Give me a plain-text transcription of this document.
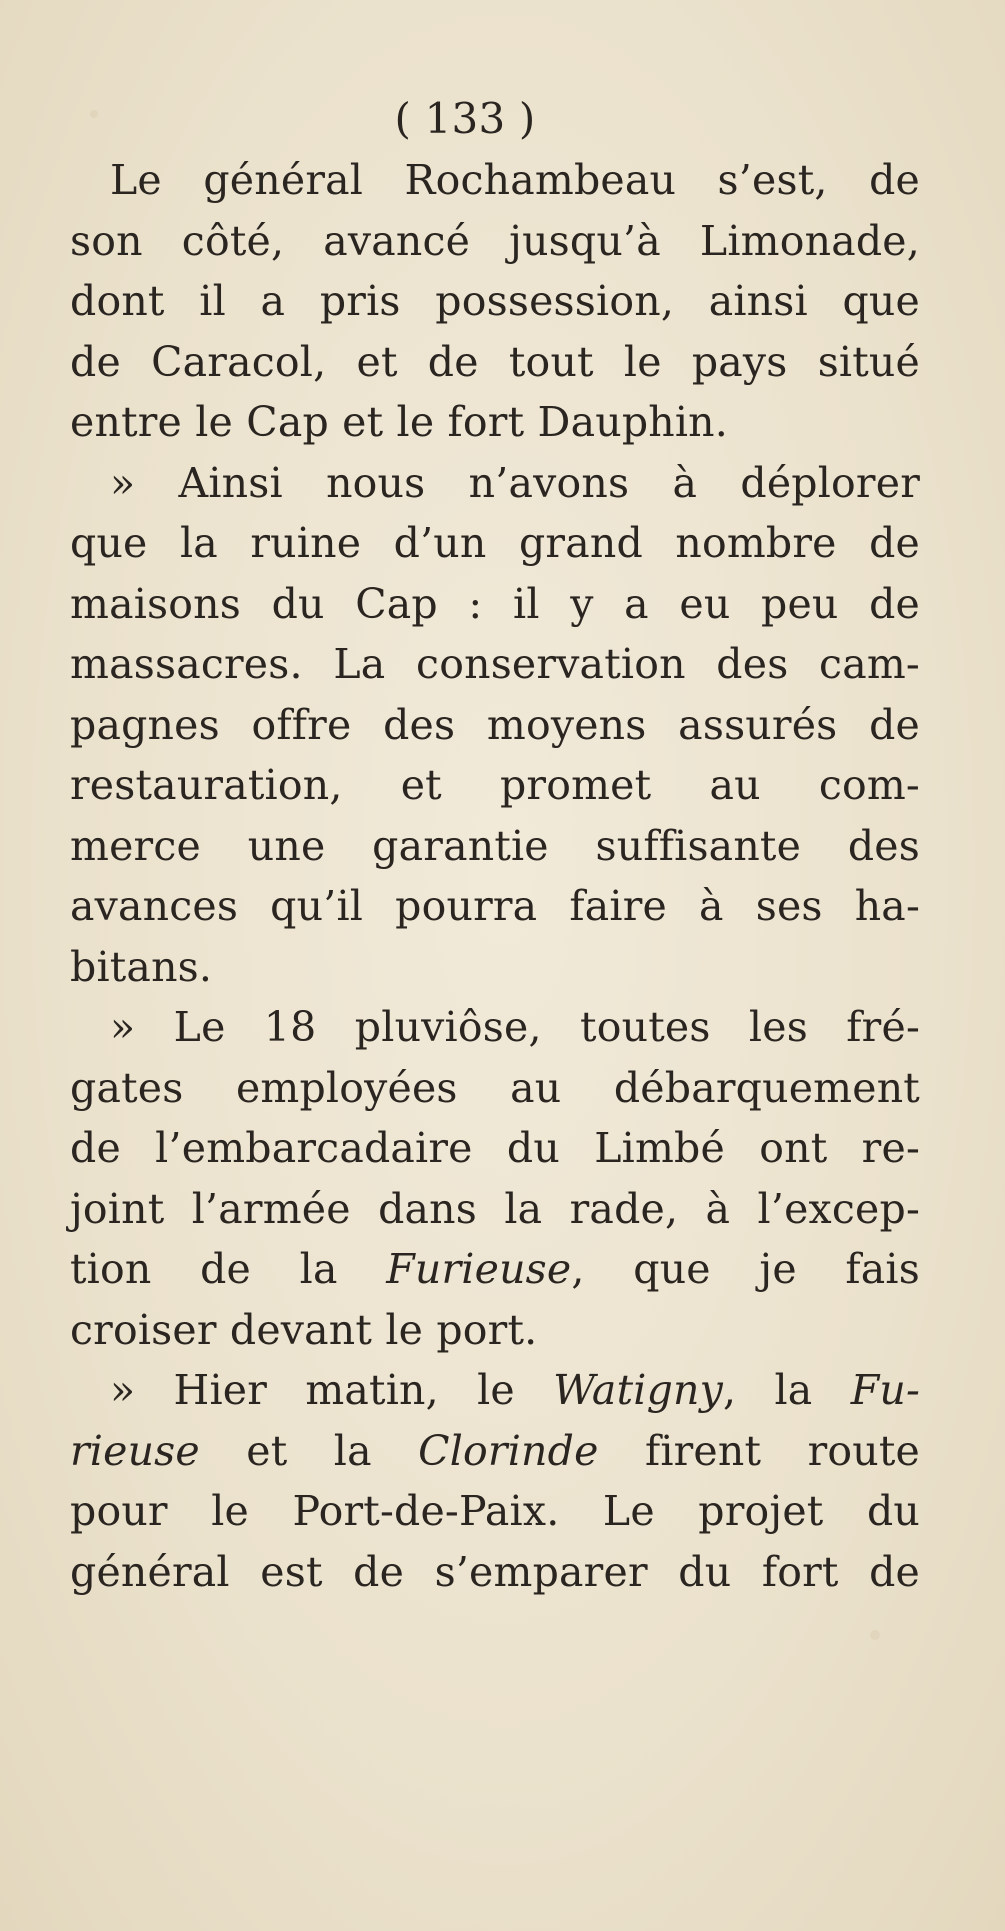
( 133 )

Le général Rochambeau s’est, de
son côté, avancé jusqu’à Limonade,
dont il a pris possession, ainsi que
de Caracol, et de tout le pays situé
entre le Cap et le fort Dauphin.

» Ainsi nous n’avons à déplorer
que la ruine d’un grand nombre de
maisons du Cap : il y a eu peu de
massacres. La conservation des cam-
pagnes offre des moyens assurés de
restauration, et promet au com-
merce une garantie suffisante des
avances qu’il pourra faire à ses ha-
bitans.

» Le 18 pluviôse, toutes les fré-
gates employées au débarquement
de l’embarcadaire du Limbé ont re-
joint l’armée dans la rade, à l’excep-
tion de la Furieuse, que je fais
croiser devant le port.

» Hier matin, le Watigny, la Fu-
rieuse et la Clorinde firent route
pour le Port-de-Paix. Le projet du
général est de s’emparer du fort de
